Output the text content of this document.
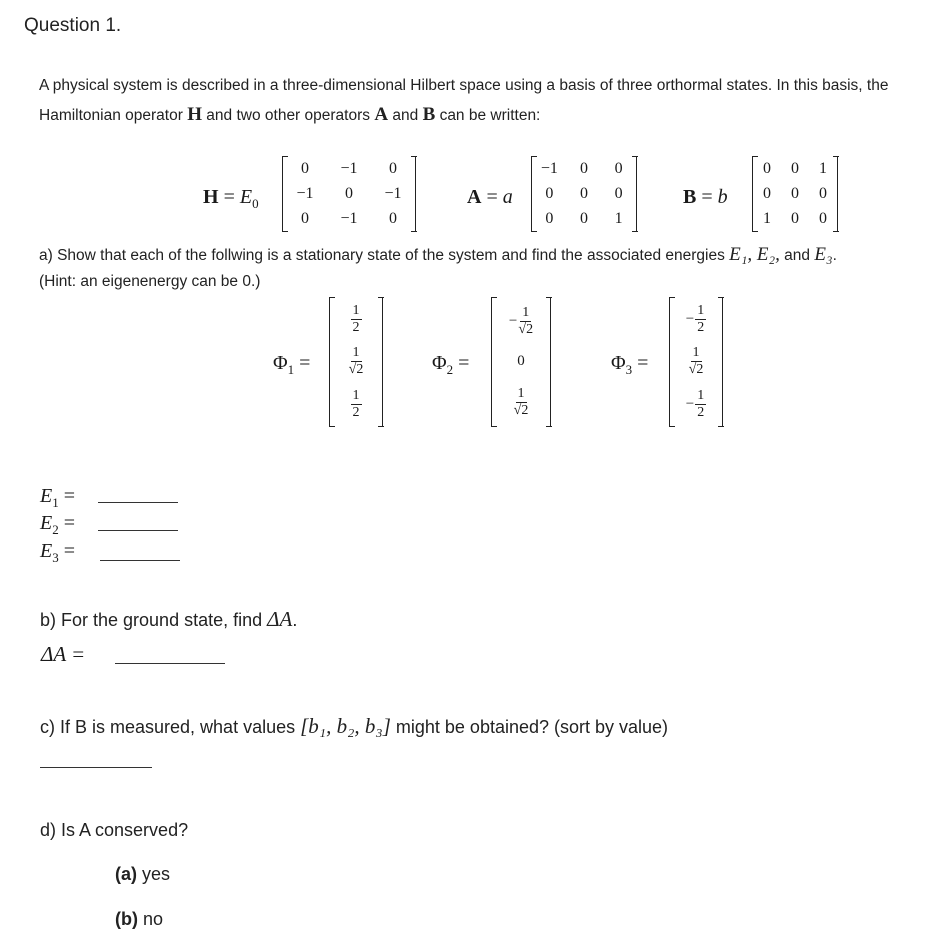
Question 1.
A physical system is described in a three-dimensional Hilbert space using a basis of three orthormal states. In this basis, the
Hamiltonian operator H and two other operators A and B can be written:
$H = E_0$
0	−1	0
−1	0	−1
0	−1	0
A = a
−1	0	0
0	0	0
0	0	1
B = b
0	0	1
0	0	0
1	0	0
a) Show that each of the follwing is a stationary state of the system and find the associated energies E₁, E₂, and E₃.
(Hint: an eigenenergy can be 0.)
$\Phi_1$ =
$\frac{1}{2}$
$\frac{1}{√2}$
$\frac{1}{2}$
$\Phi_2$ =
− $\frac{1}{√2}$
0
$\frac{1}{√2}$
$\Phi_3$ =
− $\frac{1}{2}$
$\frac{1}{√2}$
− $\frac{1}{2}$
$E_1$ =
$E_2$ =
$E_3$ =
b) For the ground state, find ΔA.
ΔA =
c) If B is measured, what values [b₁, b₂, b₃] might be obtained? (sort by value)
d) Is A conserved?
(a) yes
(b) no
